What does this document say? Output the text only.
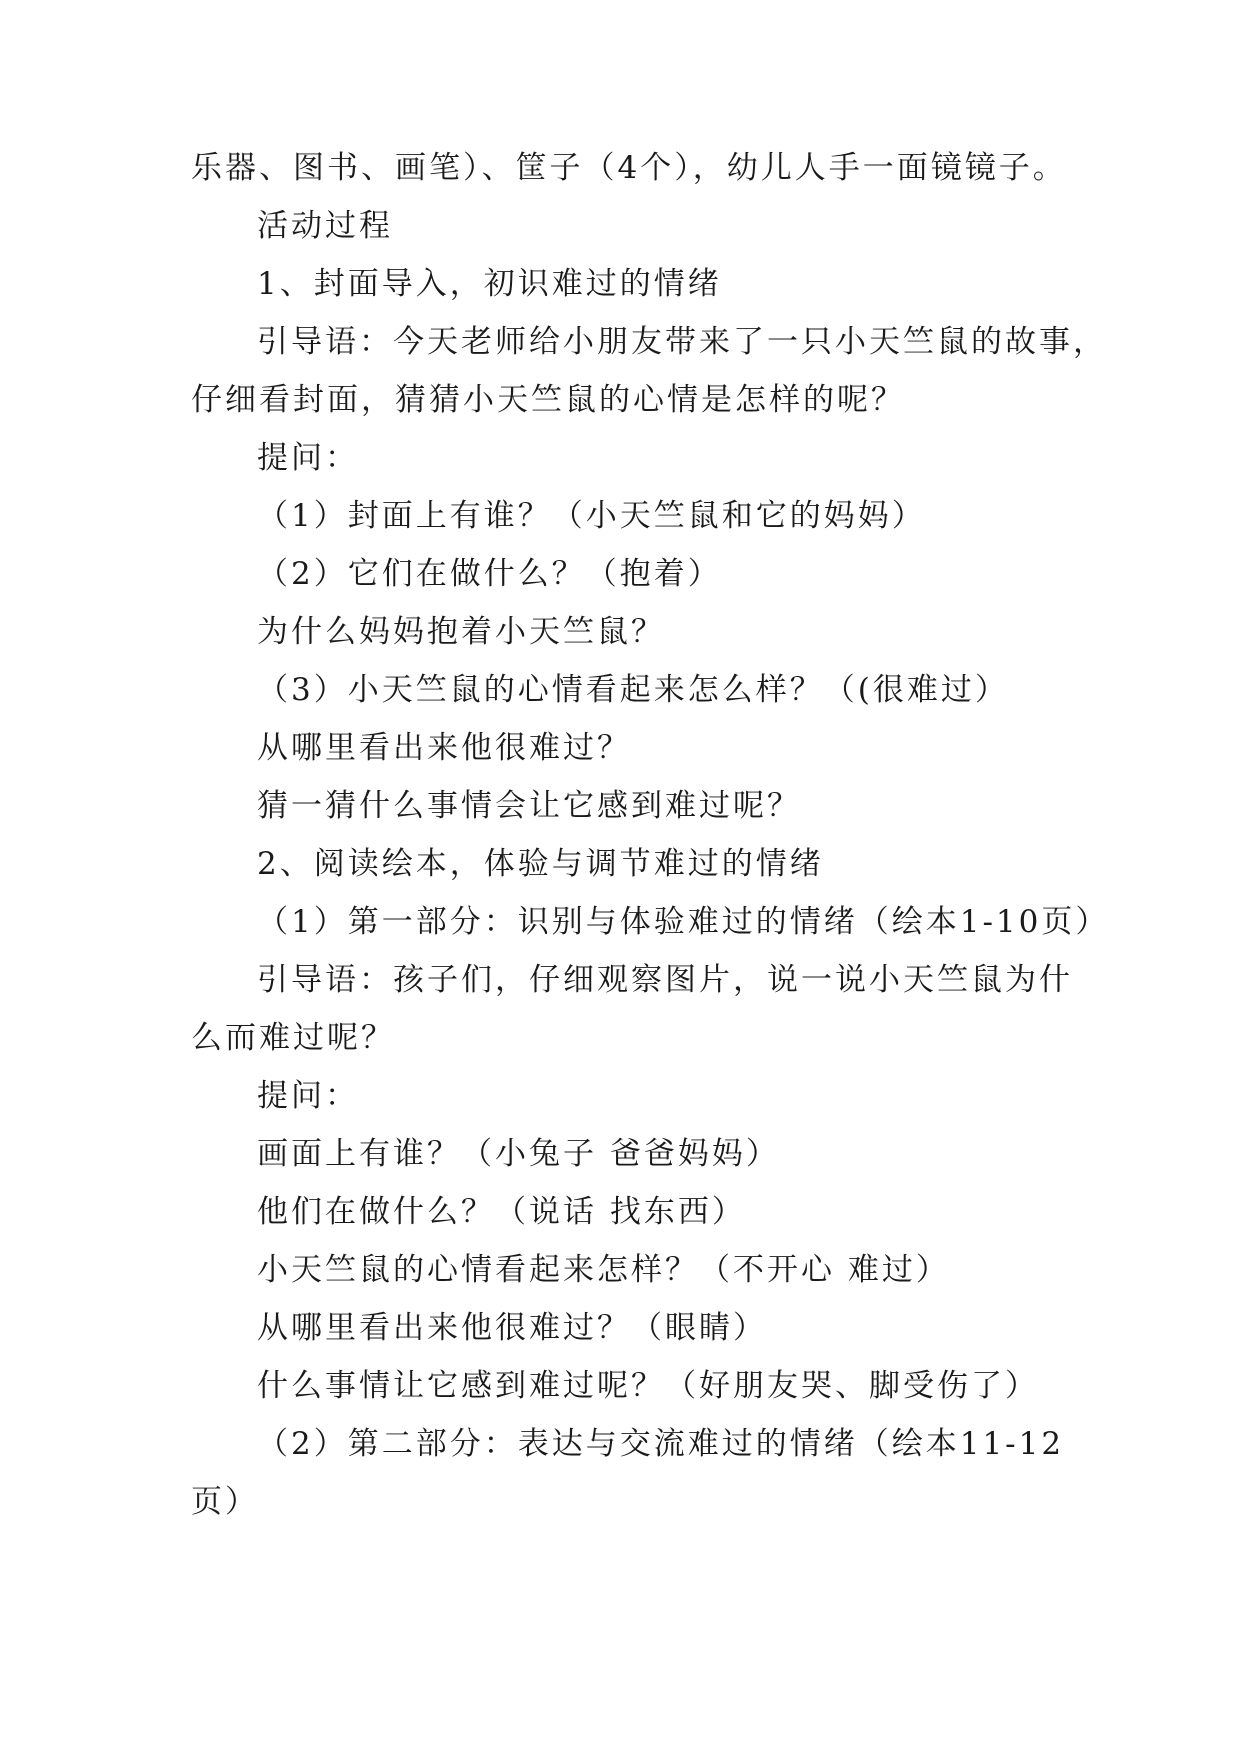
乐器、图书、画笔）、筐子（4个），幼儿人手一面镜镜子。
活动过程
1、封面导入，初识难过的情绪
引导语：今天老师给小朋友带来了一只小天竺鼠的故事，
仔细看封面，猜猜小天竺鼠的心情是怎样的呢？
提问：
（1）封面上有谁？（小天竺鼠和它的妈妈）
（2）它们在做什么？（抱着）
为什么妈妈抱着小天竺鼠？
（3）小天竺鼠的心情看起来怎么样？（(很难过）
从哪里看出来他很难过？
猜一猜什么事情会让它感到难过呢？
2、阅读绘本，体验与调节难过的情绪
（1）第一部分：识别与体验难过的情绪（绘本1-10页）
引导语：孩子们，仔细观察图片，说一说小天竺鼠为什
么而难过呢？
提问：
画面上有谁？（小兔子 爸爸妈妈）
他们在做什么？（说话 找东西）
小天竺鼠的心情看起来怎样？（不开心 难过）
从哪里看出来他很难过？（眼睛）
什么事情让它感到难过呢？（好朋友哭、脚受伤了）
（2）第二部分：表达与交流难过的情绪（绘本11-12
页）
